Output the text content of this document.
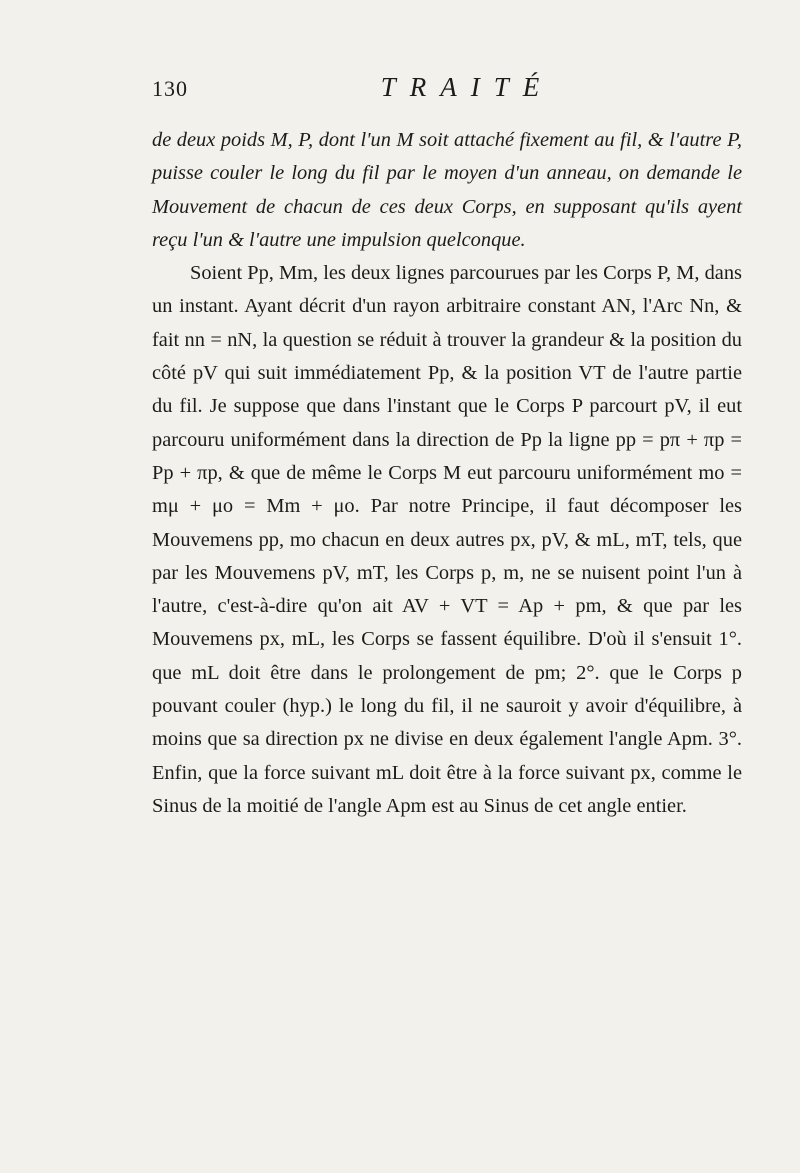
130	TRAITÉ

de deux poids M, P, dont l'un M soit attaché fixement au fil, & l'autre P, puisse couler le long du fil par le moyen d'un anneau, on demande le Mouvement de chacun de ces deux Corps, en supposant qu'ils ayent reçu l'un & l'autre une impulsion quelconque.

Soient Pp, Mm, les deux lignes parcourues par les Corps P, M, dans un instant. Ayant décrit d'un rayon arbitraire constant AN, l'Arc Nn, & fait nn = nN, la question se réduit à trouver la grandeur & la position du côté pV qui suit immédiatement Pp, & la position VT de l'autre partie du fil. Je suppose que dans l'instant que le Corps P parcourt pV, il eut parcouru uniformément dans la direction de Pp la ligne pp = pπ + πp = Pp + πp, & que de même le Corps M eut parcouru uniformément mo = mμ + μo = Mm + μo. Par notre Principe, il faut décomposer les Mouvemens pp, mo chacun en deux autres px, pV, & mL, mT, tels, que par les Mouvemens pV, mT, les Corps p, m, ne se nuisent point l'un à l'autre, c'est-à-dire qu'on ait AV + VT = Ap + pm, & que par les Mouvemens px, mL, les Corps se fassent équilibre. D'où il s'ensuit 1°. que mL doit être dans le prolongement de pm; 2°. que le Corps p pouvant couler (hyp.) le long du fil, il ne sauroit y avoir d'équilibre, à moins que sa direction px ne divise en deux également l'angle Apm. 3°. Enfin, que la force suivant mL doit être à la force suivant px, comme le Sinus de la moitié de l'angle Apm est au Sinus de cet angle entier.
